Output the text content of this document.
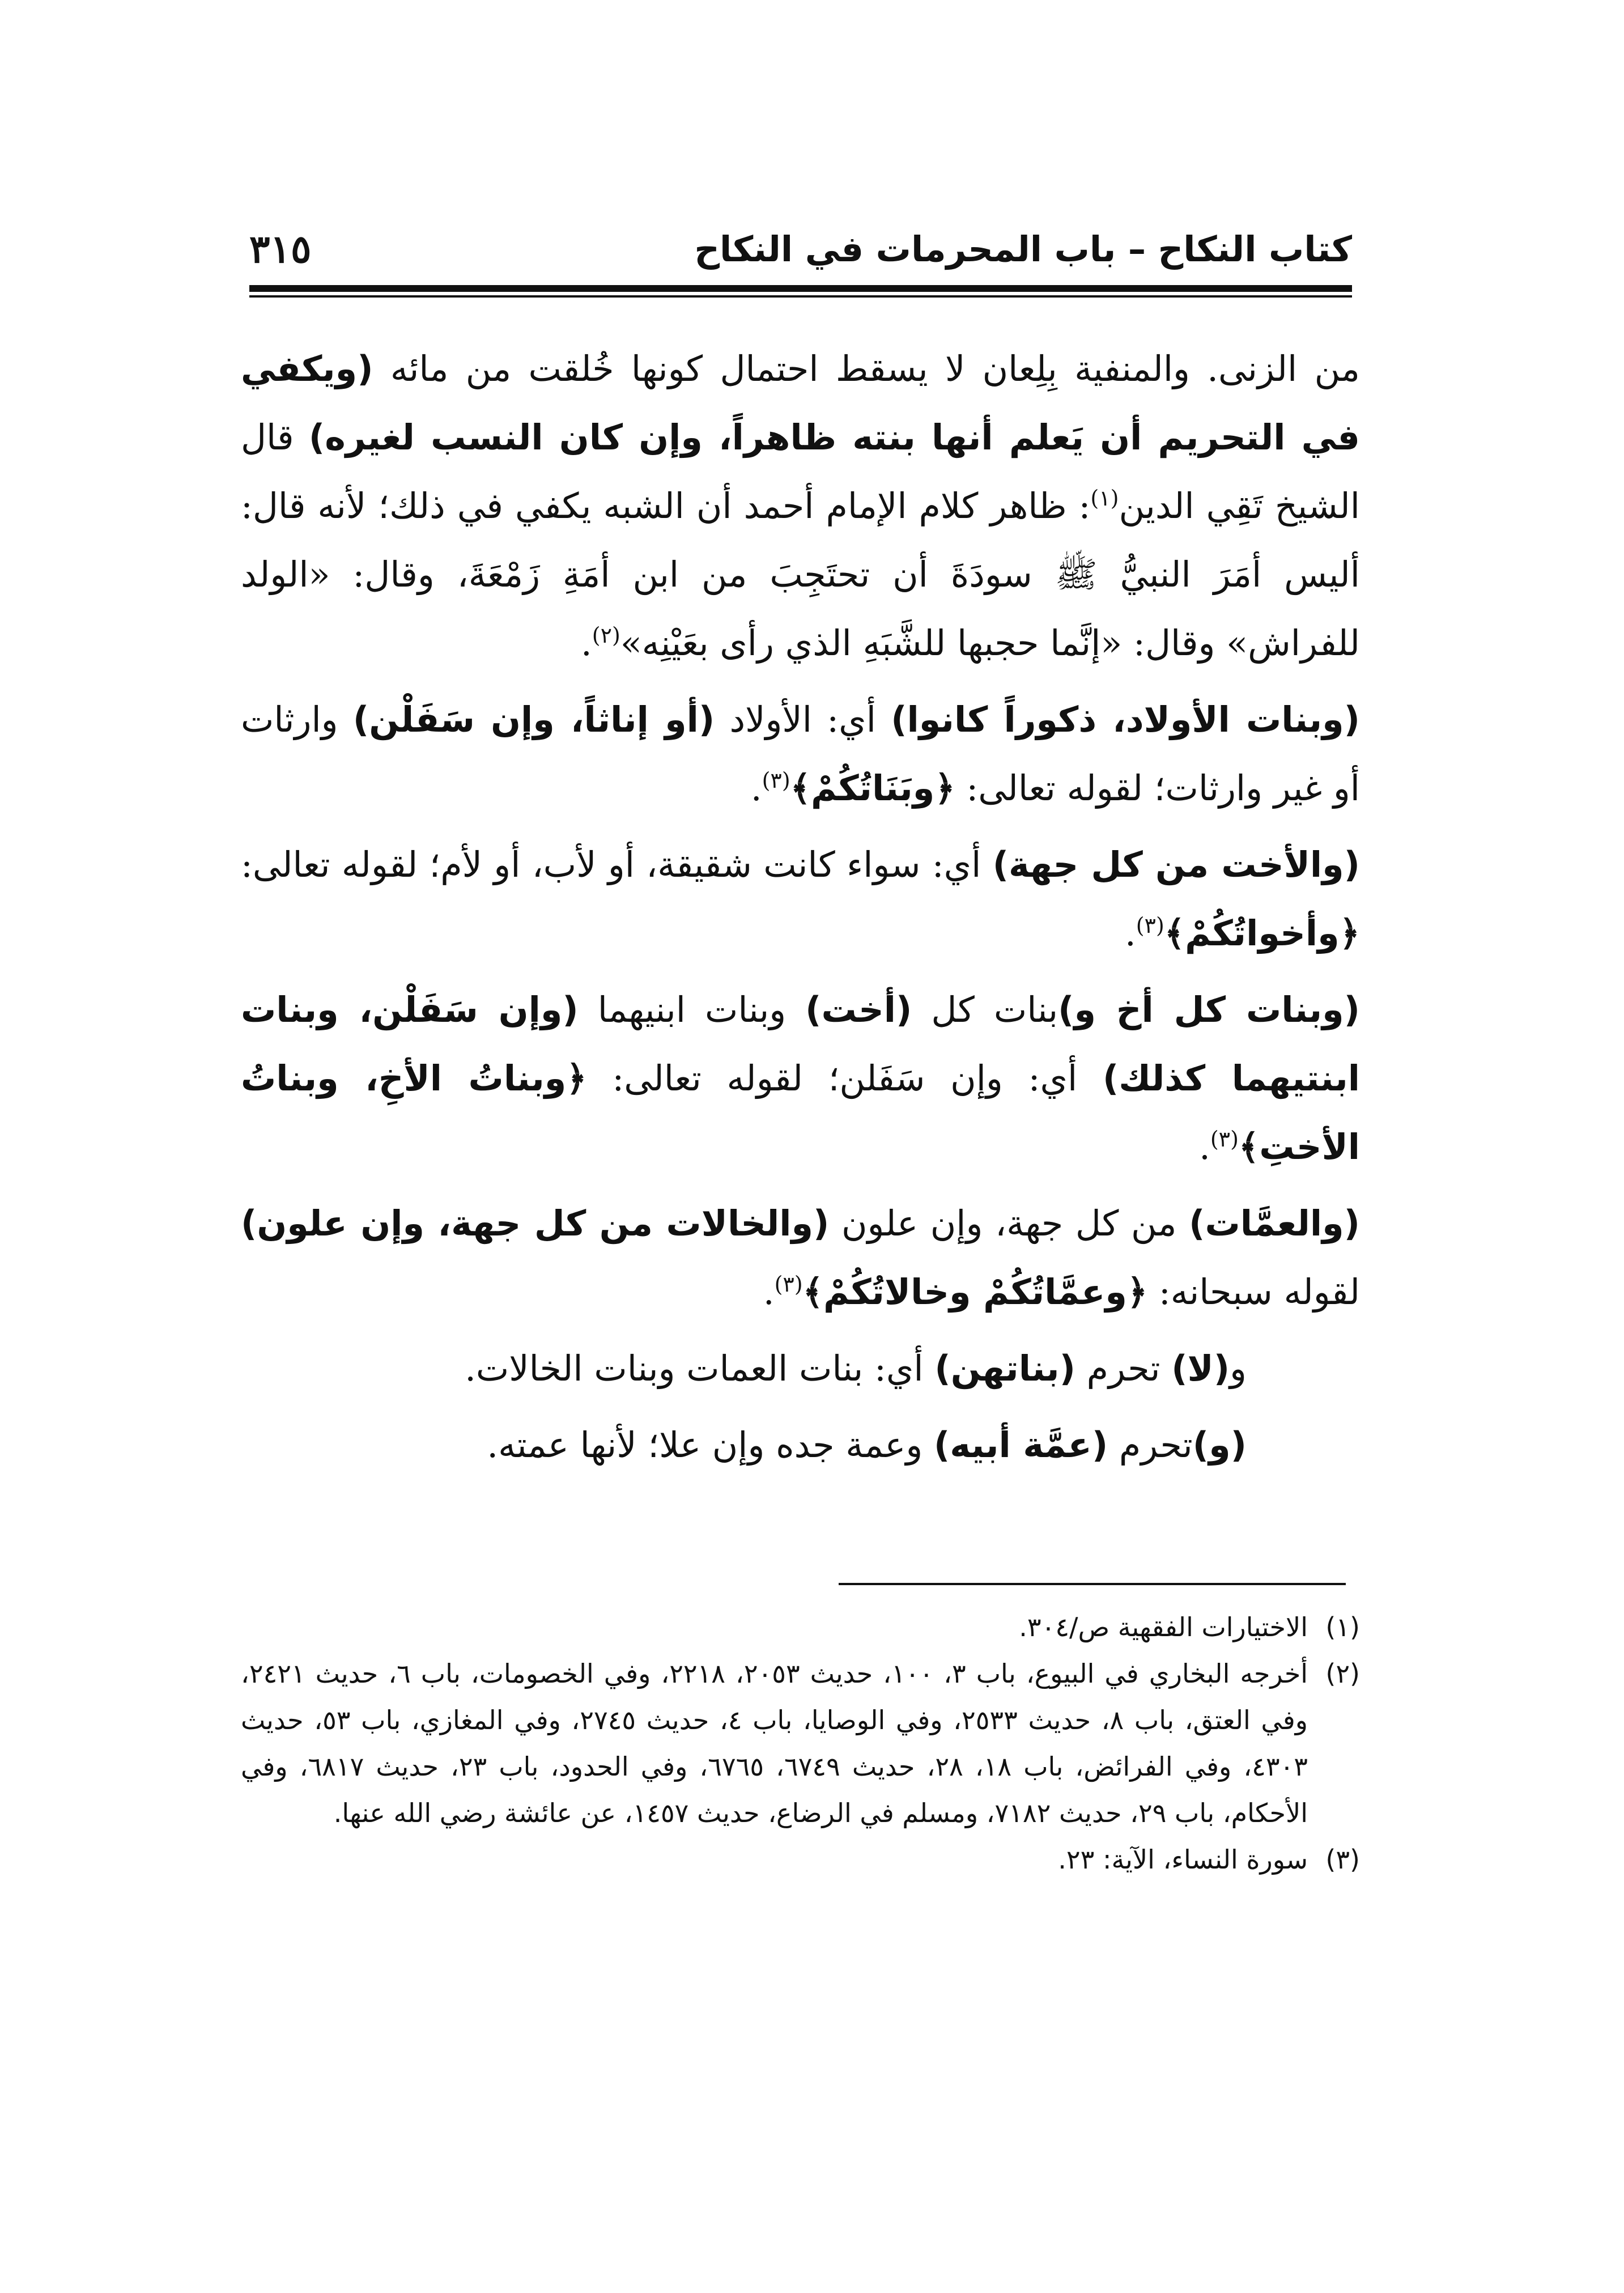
٣١٥	كتاب النكاح – باب المحرمات في النكاح

من الزنى. والمنفية بِلِعان لا يسقط احتمال كونها خُلقت من مائه (ويكفي في التحريم أن يَعلم أنها بنته ظاهراً، وإن كان النسب لغيره) قال الشيخ تَقِي الدين$^{(١)}$: ظاهر كلام الإمام أحمد أن الشبه يكفي في ذلك؛ لأنه قال: أليس أمَرَ النبيُّ ﷺ سودَةَ أن تحتَجِبَ من ابن أمَةِ زَمْعَةَ، وقال: «الولد للفراش» وقال: «إنَّما حجبها للشَّبَهِ الذي رأى بعَيْنِه»$^{(٢)}$.

(وبنات الأولاد، ذكوراً كانوا) أي: الأولاد (أو إناثاً، وإن سَفَلْن) وارثات أو غير وارثات؛ لقوله تعالى: ﴿وبَنَاتُكُمْ﴾$^{(٣)}$.

(والأخت من كل جهة) أي: سواء كانت شقيقة، أو لأب، أو لأم؛ لقوله تعالى: ﴿وأخواتُكُمْ﴾$^{(٣)}$.

(وبنات كل أخ و)بنات كل (أخت) وبنات ابنيهما (وإن سَفَلْن، وبنات ابنتيهما كذلك) أي: وإن سَفَلن؛ لقوله تعالى: ﴿وبناتُ الأخِ، وبناتُ الأختِ﴾$^{(٣)}$.

(والعمَّات) من كل جهة، وإن علون (والخالات من كل جهة، وإن علون) لقوله سبحانه: ﴿وعمَّاتُكُمْ وخالاتُكُمْ﴾$^{(٣)}$.

و(لا) تحرم (بناتهن) أي: بنات العمات وبنات الخالات.

(و)تحرم (عمَّة أبيه) وعمة جده وإن علا؛ لأنها عمته.

(١)
الاختيارات الفقهية ص/٣٠٤.

(٢)
أخرجه البخاري في البيوع، باب ٣، ١٠٠، حديث ٢٠٥٣، ٢٢١٨، وفي الخصومات، باب ٦، حديث ٢٤٢١، وفي العتق، باب ٨، حديث ٢٥٣٣، وفي الوصايا، باب ٤، حديث ٢٧٤٥، وفي المغازي، باب ٥٣، حديث ٤٣٠٣، وفي الفرائض، باب ١٨، ٢٨، حديث ٦٧٤٩، ٦٧٦٥، وفي الحدود، باب ٢٣، حديث ٦٨١٧، وفي الأحكام، باب ٢٩، حديث ٧١٨٢، ومسلم في الرضاع، حديث ١٤٥٧، عن عائشة رضي الله عنها.

(٣)
سورة النساء، الآية: ٢٣.
